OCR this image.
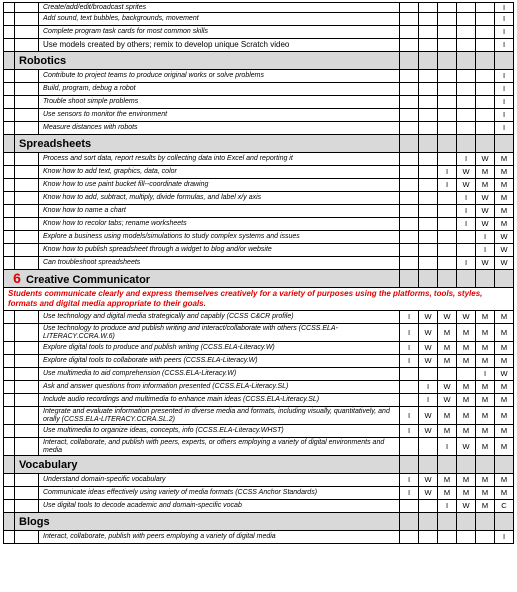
		Create/add/edit/broadcast sprites						I
		Add sound, text bubbles, backgrounds, movement						I
		Complete program task cards for most common skills						I
		Use models created by others; remix to develop unique Scratch video						I
	Robotics							
		Contribute to project teams to produce original works or solve problems						I
		Build, program, debug a robot						I
		Trouble shoot simple problems						I
		Use sensors to monitor the environment						I
		Measure distances with robots						I
	Spreadsheets							
		Process and sort data, report results by collecting data into Excel and reporting it				I	W	M
		Know how to add text, graphics, data, color			I	W	M	M
		Know how to use paint bucket fill--coordinate drawing			I	W	M	M
		Know how to add, subtract, multiply, divide formulas, and label x/y axis				I	W	M
		Know how to name a chart				I	W	M
		Know how to recolor tabs; rename worksheets				I	W	M
		Explore a business using models/simulations to study complex systems and issues					I	W
		Know how to publish spreadsheet through a widget to blog and/or website					I	W
		Can troubleshoot spreadsheets				I	W	W
6 Creative Communicator								
Students communicate clearly and express themselves creatively for a variety of purposes using the platforms, tools, styles, formats and digital media appropriate to their goals.								
		Use technology and digital media strategically and capably (CCSS C&CR profile)	I	W	W	W	M	M
		Use technology to produce and publish writing and interact/collaborate with others (CCSS.ELA-LITERACY.CCRA.W.6)	I	W	M	M	M	M
		Explore digital tools to produce and publish writing (CCSS.ELA-Literacy.W)	I	W	M	M	M	M
		Explore digital tools to collaborate with peers (CCSS.ELA-Literacy.W)	I	W	M	M	M	M
		Use multimedia to aid comprehension (CCSS.ELA-Literacy.W)					I	W
		Ask and answer questions from information presented (CCSS.ELA-Literacy.SL)		I	W	M	M	M
		Include audio recordings and multimedia to enhance main ideas (CCSS.ELA-Literacy.SL)		I	W	M	M	M
		Integrate and evaluate information presented in diverse media and formats, including visually, quantitatively, and orally (CCSS.ELA-LITERACY.CCRA.SL.2)	I	W	M	M	M	M
		Use multimedia to organize ideas, concepts, info (CCSS.ELA-Literacy.WHST)	I	W	M	M	M	M
		Interact, collaborate, and publish with peers, experts, or others employing a variety of digital environments and media			I	W	M	M
	Vocabulary							
		Understand domain-specific vocabulary	I	W	M	M	M	M
		Communicate ideas effectively using variety of media formats (CCSS Anchor Standards)	I	W	M	M	M	M
		Use digital tools to decode academic and domain-specific vocab			I	W	M	C
	Blogs							
		Interact, collaborate, publish with peers employing a variety of digital media						I
